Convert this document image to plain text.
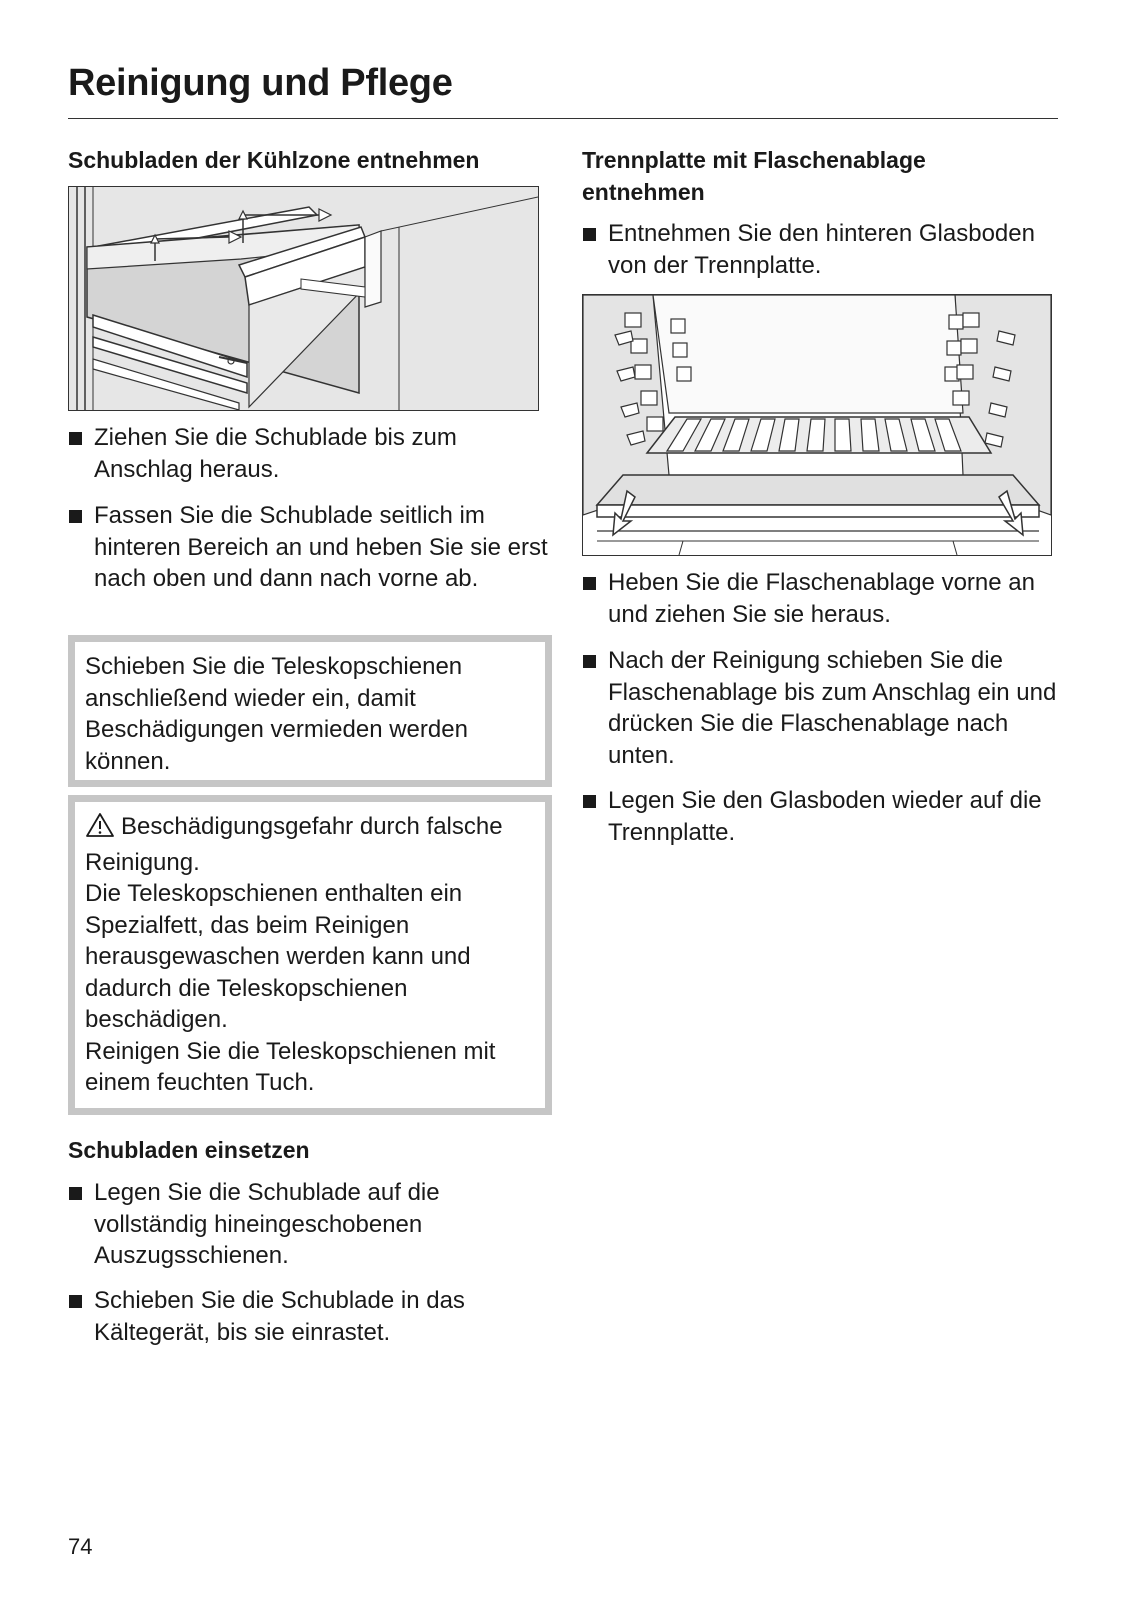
Reinigung und Pflege
Schubladen der Kühlzone entnehmen
Ziehen Sie die Schublade bis zum Anschlag heraus.
Fassen Sie die Schublade seitlich im hinteren Bereich an und heben Sie sie erst nach oben und dann nach vorne ab.

Schieben Sie die Teleskopschienen anschließend wieder ein, damit Beschädigungen vermieden werden können.

Beschädigungsgefahr durch falsche Reinigung.

Die Teleskopschienen enthalten ein Spezialfett, das beim Reinigen herausgewaschen werden kann und dadurch die Teleskopschienen beschädigen.

Reinigen Sie die Teleskopschienen mit einem feuchten Tuch.

Schubladen einsetzen
Legen Sie die Schublade auf die vollständig hineingeschobenen Auszugsschienen.
Schieben Sie die Schublade in das Kältegerät, bis sie einrastet.
Trennplatte mit Flaschenablage entnehmen
Entnehmen Sie den hinteren Glasboden von der Trennplatte.
Heben Sie die Flaschenablage vorne an und ziehen Sie sie heraus.
Nach der Reinigung schieben Sie die Flaschenablage bis zum Anschlag ein und drücken Sie die Flaschenablage nach unten.
Legen Sie den Glasboden wieder auf die Trennplatte.
74
